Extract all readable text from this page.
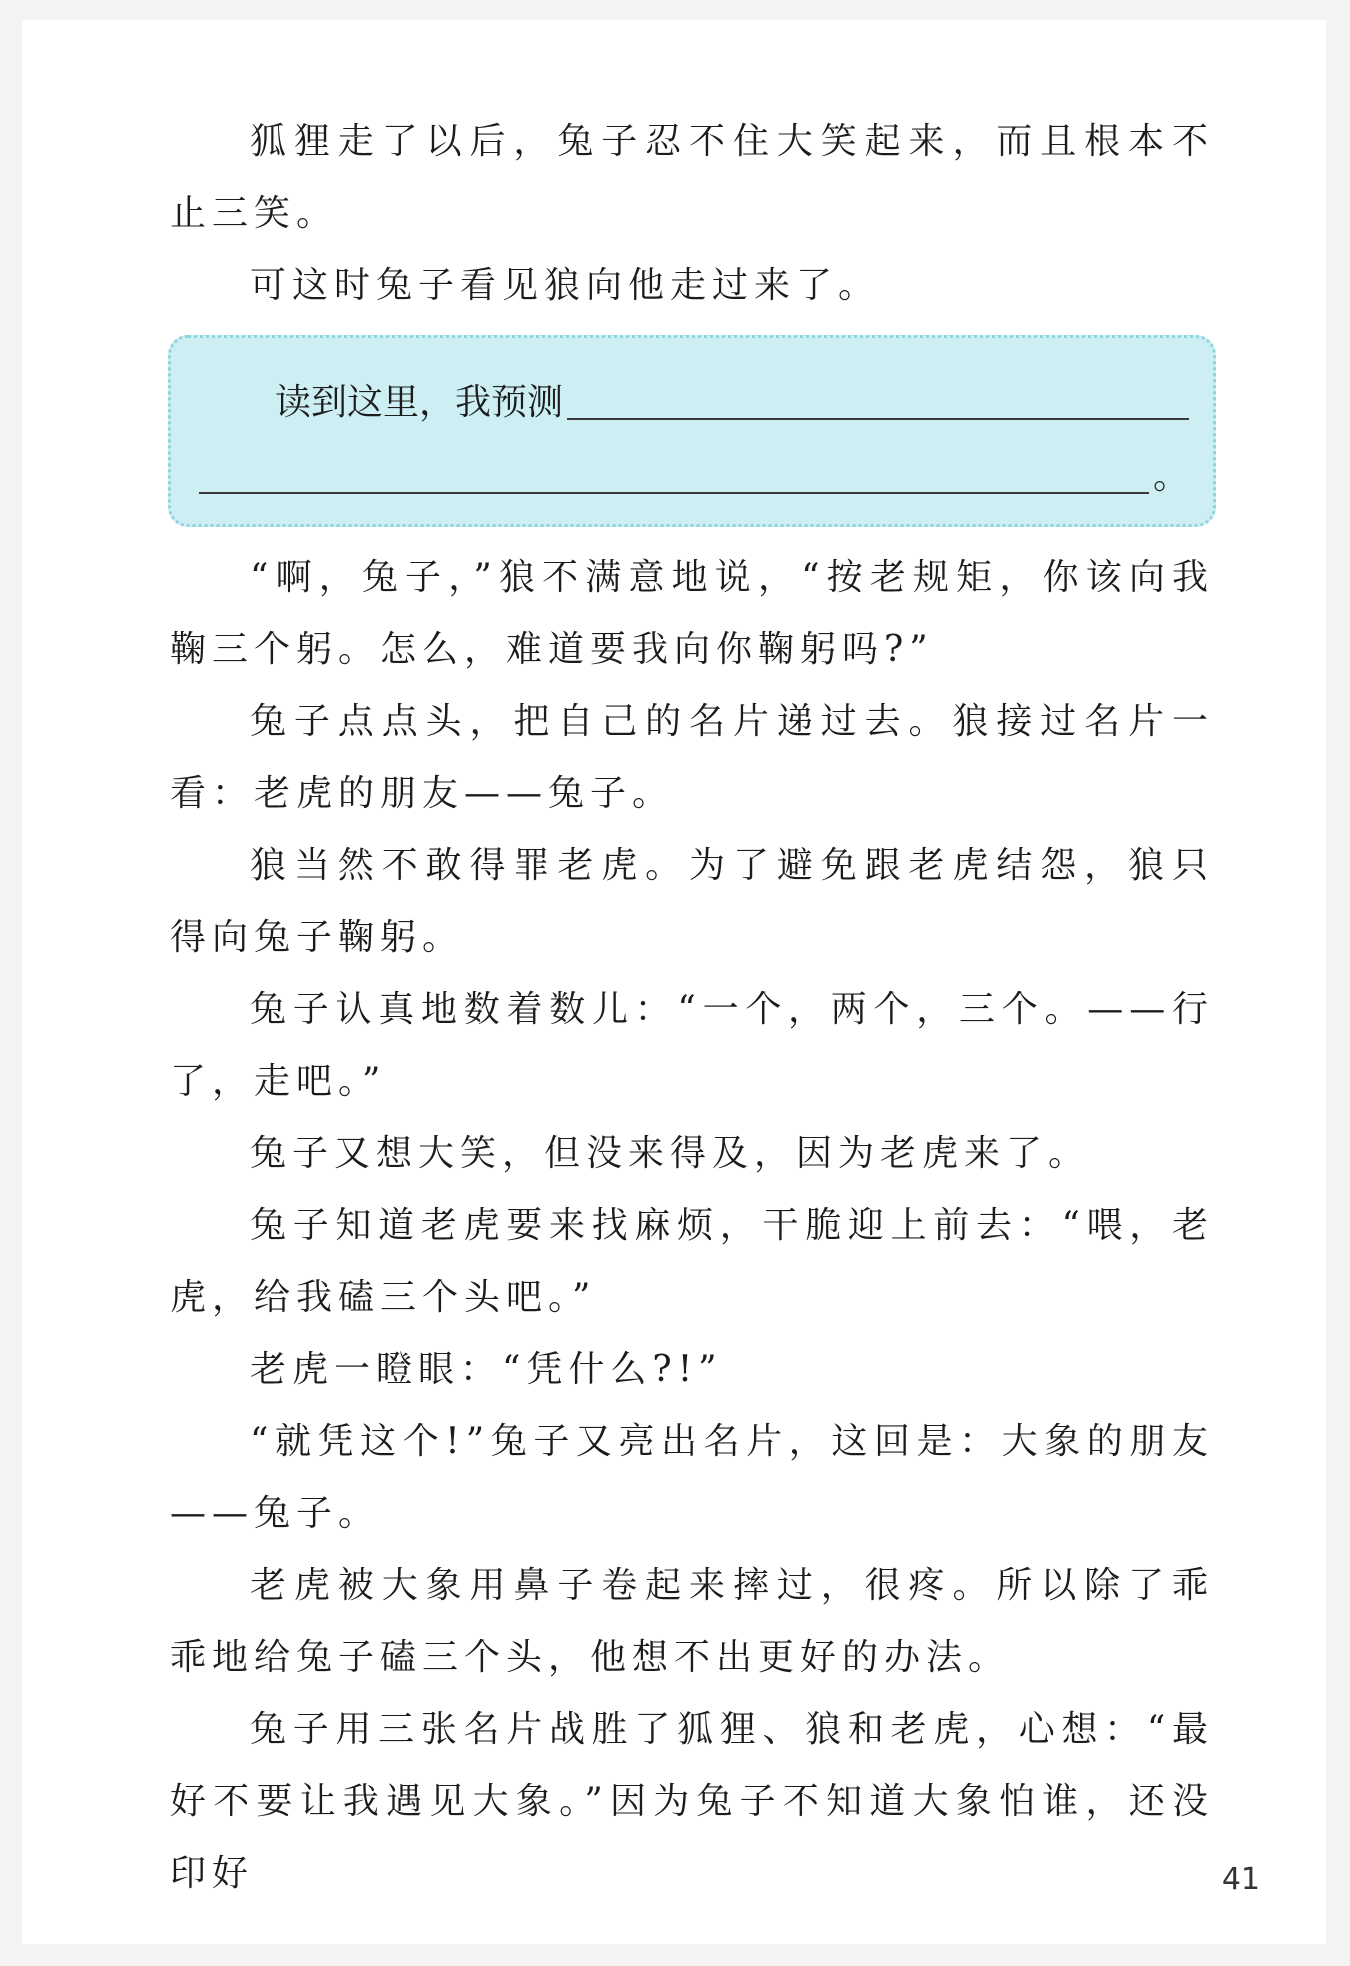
狐狸走了以后，兔子忍不住大笑起来，而且根本不止三笑。

可这时兔子看见狼向他走过来了。

读到这里，我预测
。

“啊，兔子，”狼不满意地说，“按老规矩，你该向我鞠三个躬。怎么，难道要我向你鞠躬吗?”

兔子点点头，把自己的名片递过去。狼接过名片一看：老虎的朋友——兔子。

狼当然不敢得罪老虎。为了避免跟老虎结怨，狼只得向兔子鞠躬。

兔子认真地数着数儿：“一个，两个，三个。——行了，走吧。”

兔子又想大笑，但没来得及，因为老虎来了。

兔子知道老虎要来找麻烦，干脆迎上前去：“喂，老虎，给我磕三个头吧。”

老虎一瞪眼：“凭什么?!”

“就凭这个!”兔子又亮出名片，这回是：大象的朋友——兔子。

老虎被大象用鼻子卷起来摔过，很疼。所以除了乖乖地给兔子磕三个头，他想不出更好的办法。

兔子用三张名片战胜了狐狸、狼和老虎，心想：“最好不要让我遇见大象。”因为兔子不知道大象怕谁，还没印好	41
